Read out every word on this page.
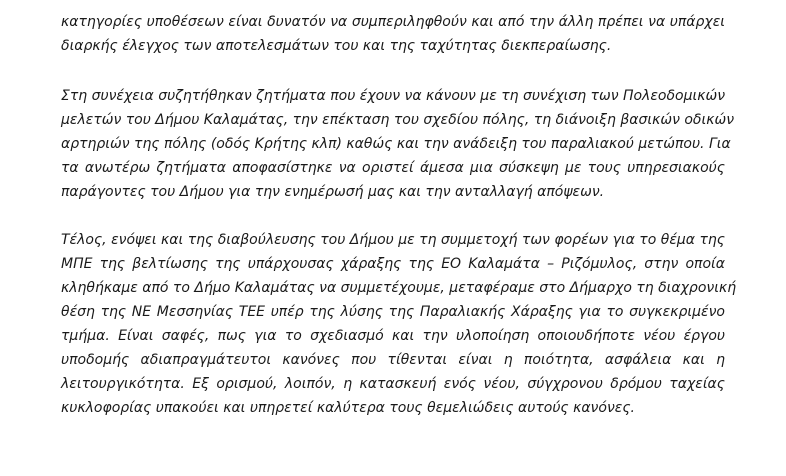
κατηγορίες υποθέσεων είναι δυνατόν να συμπεριληφθούν και από την άλλη πρέπει να υπάρχει
διαρκής έλεγχος των αποτελεσμάτων του και της ταχύτητας διεκπεραίωσης.
Στη συνέχεια συζητήθηκαν ζητήματα που έχουν να κάνουν με τη συνέχιση των Πολεοδομικών
μελετών του Δήμου Καλαμάτας, την επέκταση του σχεδίου πόλης, τη διάνοιξη βασικών οδικών
αρτηριών της πόλης (οδός Κρήτης κλπ) καθώς και την ανάδειξη του παραλιακού μετώπου. Για
τα ανωτέρω ζητήματα αποφασίστηκε να οριστεί άμεσα μια σύσκεψη με τους υπηρεσιακούς
παράγοντες του Δήμου για την ενημέρωσή μας και την ανταλλαγή απόψεων.
Τέλος, ενόψει και της διαβούλευσης του Δήμου με τη συμμετοχή των φορέων για το θέμα της
ΜΠΕ της βελτίωσης της υπάρχουσας χάραξης της ΕΟ Καλαμάτα – Ριζόμυλος, στην οποία
κληθήκαμε από το Δήμο Καλαμάτας να συμμετέχουμε, μεταφέραμε στο Δήμαρχο τη διαχρονική
θέση της ΝΕ Μεσσηνίας ΤΕΕ υπέρ της λύσης της Παραλιακής Χάραξης για το συγκεκριμένο
τμήμα. Είναι σαφές, πως για το σχεδιασμό και την υλοποίηση οποιουδήποτε νέου έργου
υποδομής αδιαπραγμάτευτοι κανόνες που τίθενται είναι η ποιότητα, ασφάλεια και η
λειτουργικότητα. Εξ ορισμού, λοιπόν, η κατασκευή ενός νέου, σύγχρονου δρόμου ταχείας
κυκλοφορίας υπακούει και υπηρετεί καλύτερα τους θεμελιώδεις αυτούς κανόνες.
